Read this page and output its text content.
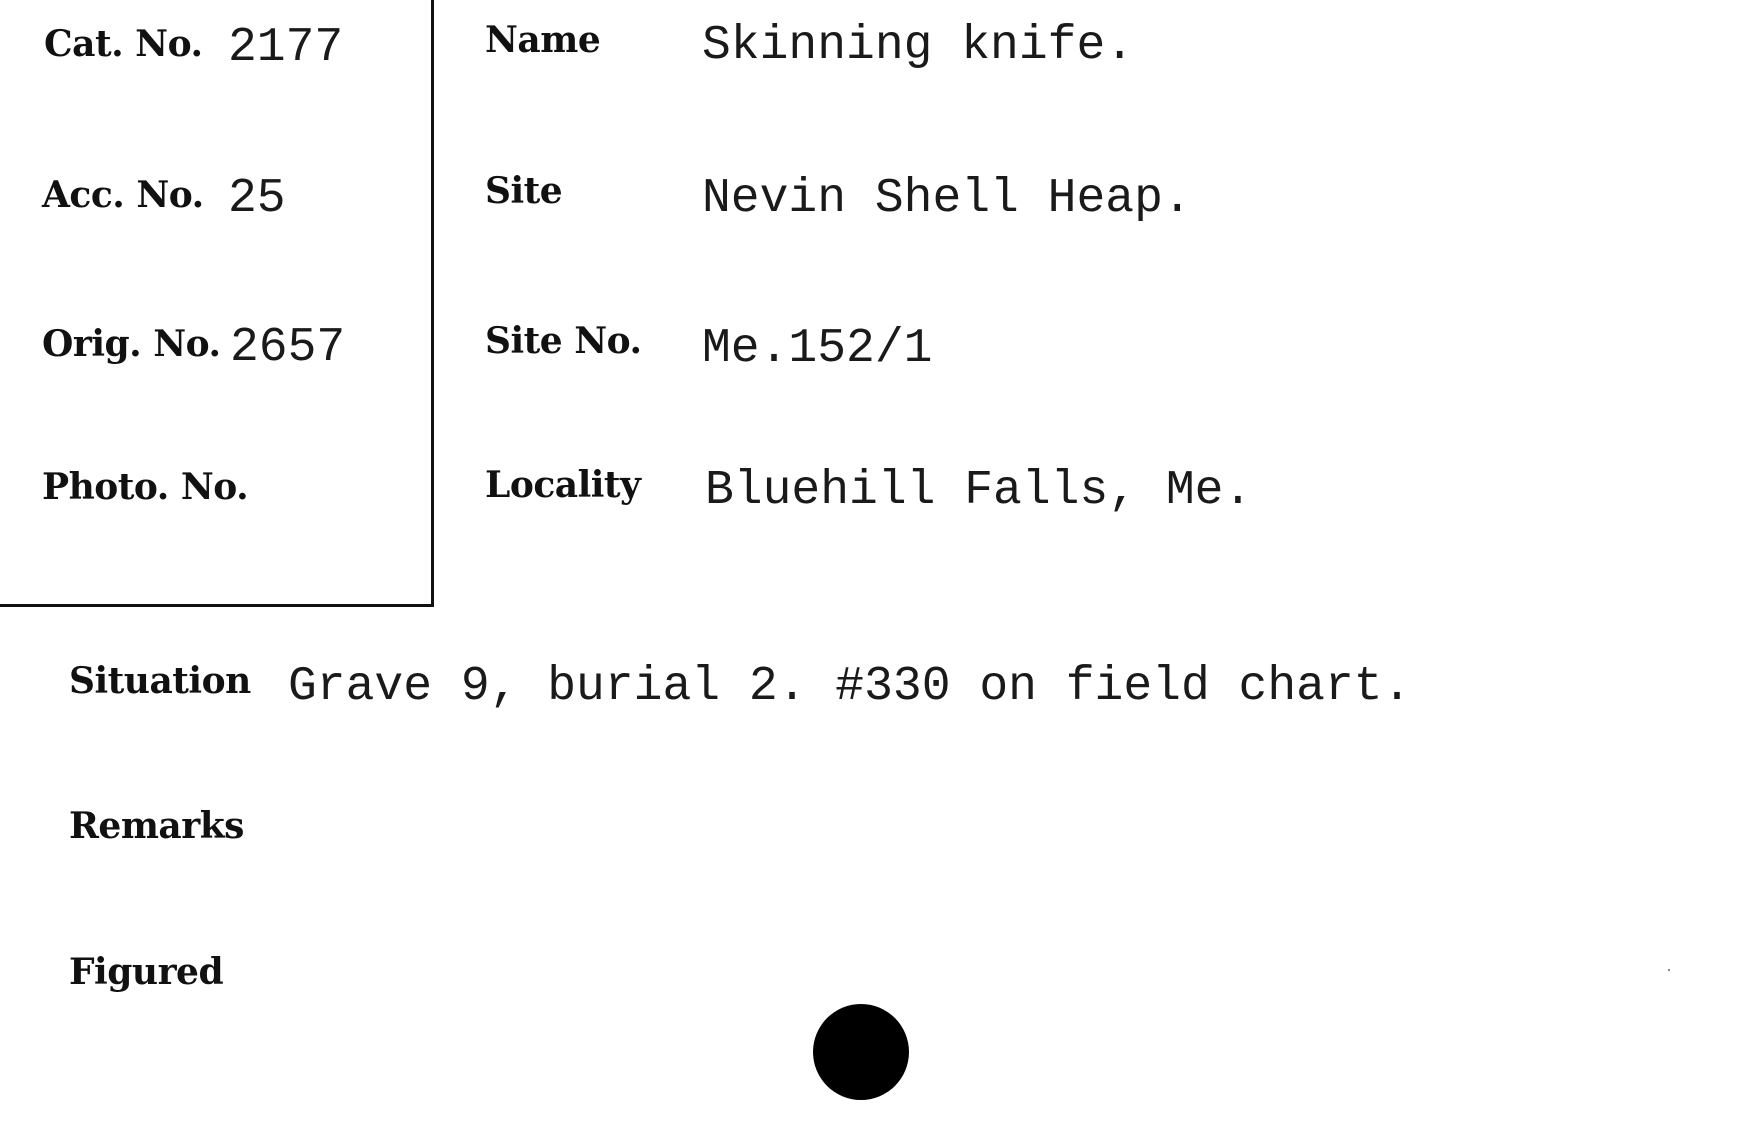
Cat. No. 2177
Acc. No. 25
Orig. No. 2657
Photo. No.
Name Skinning knife.
Site	Nevin Shell Heap.
Site No. Me.152/1
Locality Bluehill Falls, Me.
Situation Grave 9, burial 2. #330 on field chart.
Remarks
Figured
